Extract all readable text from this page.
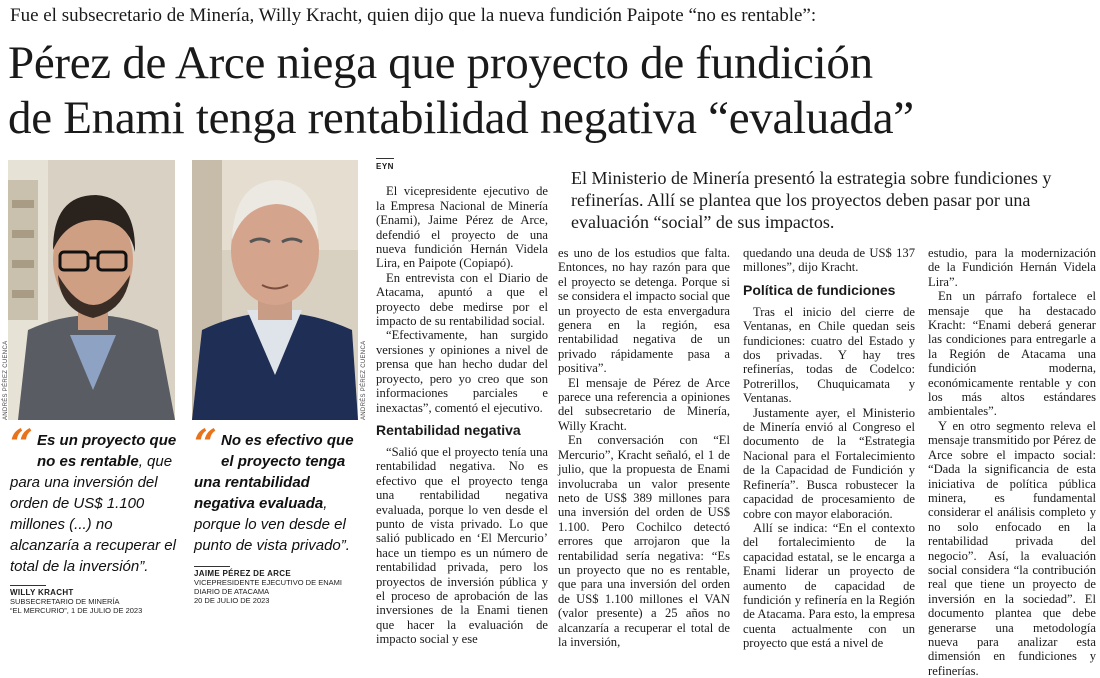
Fue el subsecretario de Minería, Willy Kracht, quien dijo que la nueva fundición Paipote “no es rentable”:
Pérez de Arce niega que proyecto de fundición
de Enami tenga rentabilidad negativa “evaluada”
ANDRÉS PÉREZ CUENCA	ANDRÉS PÉREZ CUENCA
“ Es un proyecto que no es rentable, que para una inversión del orden de US$ 1.100 millones (...) no alcanzaría a recuperar el total de la inversión”.
WILLY KRACHT
SUBSECRETARIO DE MINERÍA
“EL MERCURIO”, 1 DE JULIO DE 2023
“ No es efectivo que el proyecto tenga una rentabilidad negativa evaluada, porque lo ven desde el punto de vista privado”.
JAIME PÉREZ DE ARCE
VICEPRESIDENTE EJECUTIVO DE ENAMI
DIARIO DE ATACAMA
20 DE JULIO DE 2023
EYN

El vicepresidente ejecutivo de la Empresa Nacional de Minería (Enami), Jaime Pérez de Arce, defendió el proyecto de una nueva fundición Hernán Videla Lira, en Paipote (Copiapó).

En entrevista con el Diario de Atacama, apuntó a que el proyecto debe medirse por el impacto de su rentabilidad social.

“Efectivamente, han surgido versiones y opiniones a nivel de prensa que han hecho dudar del proyecto, pero yo creo que son informaciones parciales e inexactas”, comentó el ejecutivo.

Rentabilidad negativa

“Salió que el proyecto tenía una rentabilidad negativa. No es efectivo que el proyecto tenga una rentabilidad negativa evaluada, porque lo ven desde el punto de vista privado. Lo que salió publicado en ‘El Mercurio’ hace un tiempo es un número de rentabilidad privada, pero los proyectos de inversión pública y el proceso de aprobación de las inversiones de la Enami tienen que hacer la evaluación de impacto social y ese

El Ministerio de Minería presentó la estrategia sobre fundiciones y refinerías. Allí se plantea que los proyectos deben pasar por una evaluación “social” de sus impactos.

es uno de los estudios que falta. Entonces, no hay razón para que el proyecto se detenga. Porque si se considera el impacto social que un proyecto de esta envergadura genera en la región, esa rentabilidad negativa de un privado rápidamente pasa a positiva”.

El mensaje de Pérez de Arce parece una referencia a opiniones del subsecretario de Minería, Willy Kracht.

En conversación con “El Mercurio”, Kracht señaló, el 1 de julio, que la propuesta de Enami involucraba un valor presente neto de US$ 389 millones para una inversión del orden de US$ 1.100. Pero Cochilco detectó errores que arrojaron que la rentabilidad sería negativa: “Es un proyecto que no es rentable, que para una inversión del orden de US$ 1.100 millones el VAN (valor presente) a 25 años no alcanzaría a recuperar el total de la inversión,

quedando una deuda de US$ 137 millones”, dijo Kracht.

Política de fundiciones

Tras el inicio del cierre de Ventanas, en Chile quedan seis fundiciones: cuatro del Estado y dos privadas. Y hay tres refinerías, todas de Codelco: Potrerillos, Chuquicamata y Ventanas.

Justamente ayer, el Ministerio de Minería envió al Congreso el documento de la “Estrategia Nacional para el Fortalecimiento de la Capacidad de Fundición y Refinería”. Busca robustecer la capacidad de procesamiento de cobre con mayor elaboración.

Allí se indica: “En el contexto del fortalecimiento de la capacidad estatal, se le encarga a Enami liderar un proyecto de aumento de capacidad de fundición y refinería en la Región de Atacama. Para esto, la empresa cuenta actualmente con un proyecto que está a nivel de

estudio, para la modernización de la Fundición Hernán Videla Lira”.

En un párrafo fortalece el mensaje que ha destacado Kracht: “Enami deberá generar las condiciones para entregarle a la Región de Atacama una fundición moderna, económicamente rentable y con los más altos estándares ambientales”.

Y en otro segmento releva el mensaje transmitido por Pérez de Arce sobre el impacto social: “Dada la significancia de esta iniciativa de política pública minera, es fundamental considerar el análisis completo y no solo enfocado en la rentabilidad privada del negocio”. Así, la evaluación social considera “la contribución real que tiene un proyecto de inversión en la sociedad”. El documento plantea que debe generarse una metodología nueva para analizar esta dimensión en fundiciones y refinerías.
